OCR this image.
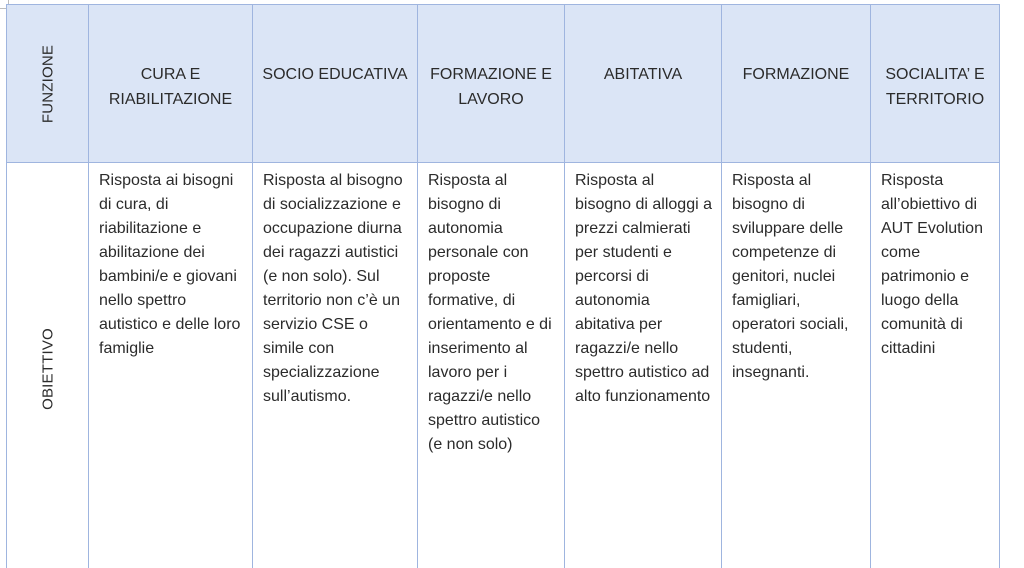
FUNZIONE	CURA E RIABILITAZIONE	SOCIO EDUCATIVA	FORMAZIONE E LAVORO	ABITATIVA	FORMAZIONE	SOCIALITA’ E TERRITORIO

OBIETTIVO	Risposta ai bisogni di cura, di riabilitazione e abilitazione dei bambini/e e giovani nello spettro autistico e delle loro famiglie	Risposta al bisogno di socializzazione e occupazione diurna dei ragazzi autistici (e non solo). Sul territorio non c’è un servizio CSE o simile con specializzazione sull’autismo.	Risposta al bisogno di autonomia personale con proposte formative, di orientamento e di inserimento al lavoro per i ragazzi/e nello spettro autistico (e non solo)	Risposta al bisogno di alloggi a prezzi calmierati per studenti e percorsi di autonomia abitativa per ragazzi/e nello spettro autistico ad alto funzionamento	Risposta al bisogno di sviluppare delle competenze di genitori, nuclei famigliari, operatori sociali, studenti, insegnanti.	Risposta all’obiettivo di AUT Evolution come patrimonio e luogo della comunità di cittadini
